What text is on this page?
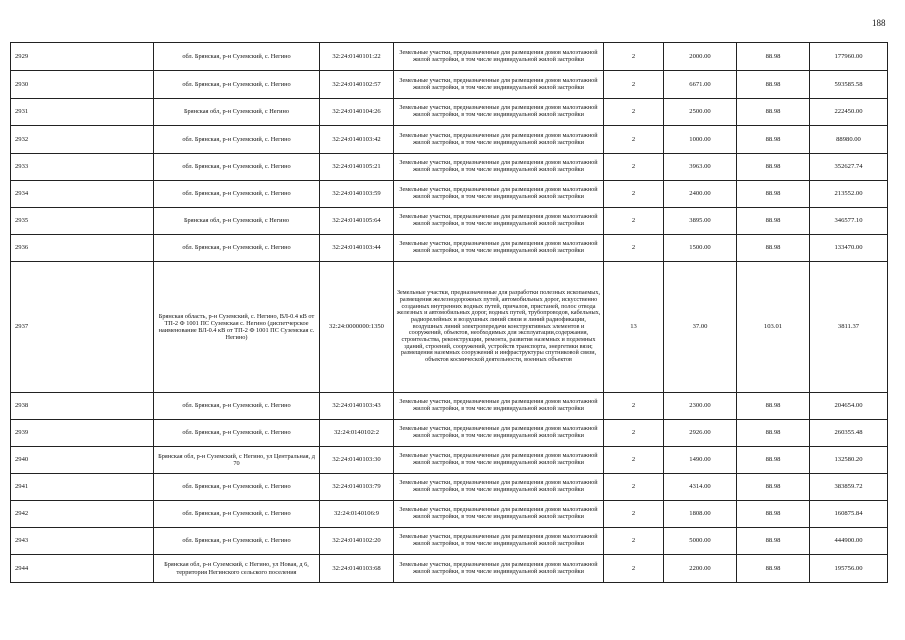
188
2929	обл. Брянская, р-н Суземский, с. Негино	32:24:0140101:22	Земельные участки, предназначенные для размещения домов малоэтажной жилой застройки, в том числе индивидуальной жилой застройки	2	2000.00	88.98	177960.00
2930	обл. Брянская, р-н Суземский, с. Негино	32:24:0140102:57	Земельные участки, предназначенные для размещения домов малоэтажной жилой застройки, в том числе индивидуальной жилой застройки	2	6671.00	88.98	593585.58
2931	Брянская обл, р-н Суземский, с Негино	32:24:0140104:26	Земельные участки, предназначенные для размещения домов малоэтажной жилой застройки, в том числе индивидуальной жилой застройки	2	2500.00	88.98	222450.00
2932	обл. Брянская, р-н Суземский, с. Негино	32:24:0140103:42	Земельные участки, предназначенные для размещения домов малоэтажной жилой застройки, в том числе индивидуальной жилой застройки	2	1000.00	88.98	88980.00
2933	обл. Брянская, р-н Суземский, с. Негино	32:24:0140105:21	Земельные участки, предназначенные для размещения домов малоэтажной жилой застройки, в том числе индивидуальной жилой застройки	2	3963.00	88.98	352627.74
2934	обл. Брянская, р-н Суземский, с. Негино	32:24:0140103:59	Земельные участки, предназначенные для размещения домов малоэтажной жилой застройки, в том числе индивидуальной жилой застройки	2	2400.00	88.98	213552.00
2935	Брянская обл, р-н Суземский, с Негино	32:24:0140105:64	Земельные участки, предназначенные для размещения домов малоэтажной жилой застройки, в том числе индивидуальной жилой застройки	2	3895.00	88.98	346577.10
2936	обл. Брянская, р-н Суземский, с. Негино	32:24:0140103:44	Земельные участки, предназначенные для размещения домов малоэтажной жилой застройки, в том числе индивидуальной жилой застройки	2	1500.00	88.98	133470.00
2937	Брянская область, р-н Суземский, с. Негино, ВЛ-0.4 кВ от ТП-2 Ф 1001 ПС Суземская с. Негино (диспетчерское наименование ВЛ-0.4 кВ от ТП-2 Ф 1001 ПС Суземская с. Негино)	32:24:0000000:1350	Земельные участки, предназначенные для разработки полезных ископаемых, размещения железнодорожных путей, автомобильных дорог, искусственно созданных внутренних водных путей, причалов, пристаней, полос отвода железных и автомобильных дорог, водных путей, трубопроводов, кабельных, радиорелейных и воздушных линий связи и линий радиофикации, воздушных линий электропередачи конструктивных элементов и сооружений, объектов, необходимых для эксплуатации,содержания, строительства, реконструкции, ремонта, развития наземных и подземных зданий, строений, сооружений, устройств транспорта, энергетики вязи; размещения наземных сооружений и инфраструктуры спутниковой связи, объектов космической деятельности, военных объектов	13	37.00	103.01	3811.37
2938	обл. Брянская, р-н Суземский, с. Негино	32:24:0140103:43	Земельные участки, предназначенные для размещения домов малоэтажной жилой застройки, в том числе индивидуальной жилой застройки	2	2300.00	88.98	204654.00
2939	обл. Брянская, р-н Суземский, с. Негино	32:24:0140102:2	Земельные участки, предназначенные для размещения домов малоэтажной жилой застройки, в том числе индивидуальной жилой застройки	2	2926.00	88.98	260355.48
2940	Брянская обл, р-н Суземский, с Негино, ул Центральная, д 70	32:24:0140103:30	Земельные участки, предназначенные для размещения домов малоэтажной жилой застройки, в том числе индивидуальной жилой застройки	2	1490.00	88.98	132580.20
2941	обл. Брянская, р-н Суземский, с. Негино	32:24:0140103:79	Земельные участки, предназначенные для размещения домов малоэтажной жилой застройки, в том числе индивидуальной жилой застройки	2	4314.00	88.98	383859.72
2942	обл. Брянская, р-н Суземский, с. Негино	32:24:0140106:9	Земельные участки, предназначенные для размещения домов малоэтажной жилой застройки, в том числе индивидуальной жилой застройки	2	1808.00	88.98	160875.84
2943	обл. Брянская, р-н Суземский, с. Негино	32:24:0140102:20	Земельные участки, предназначенные для размещения домов малоэтажной жилой застройки, в том числе индивидуальной жилой застройки	2	5000.00	88.98	444900.00
2944	Брянская обл, р-н Суземский, с Негино, ул Новая, д 6, территория Негинского сельского поселения	32:24:0140103:68	Земельные участки, предназначенные для размещения домов малоэтажной жилой застройки, в том числе индивидуальной жилой застройки	2	2200.00	88.98	195756.00
